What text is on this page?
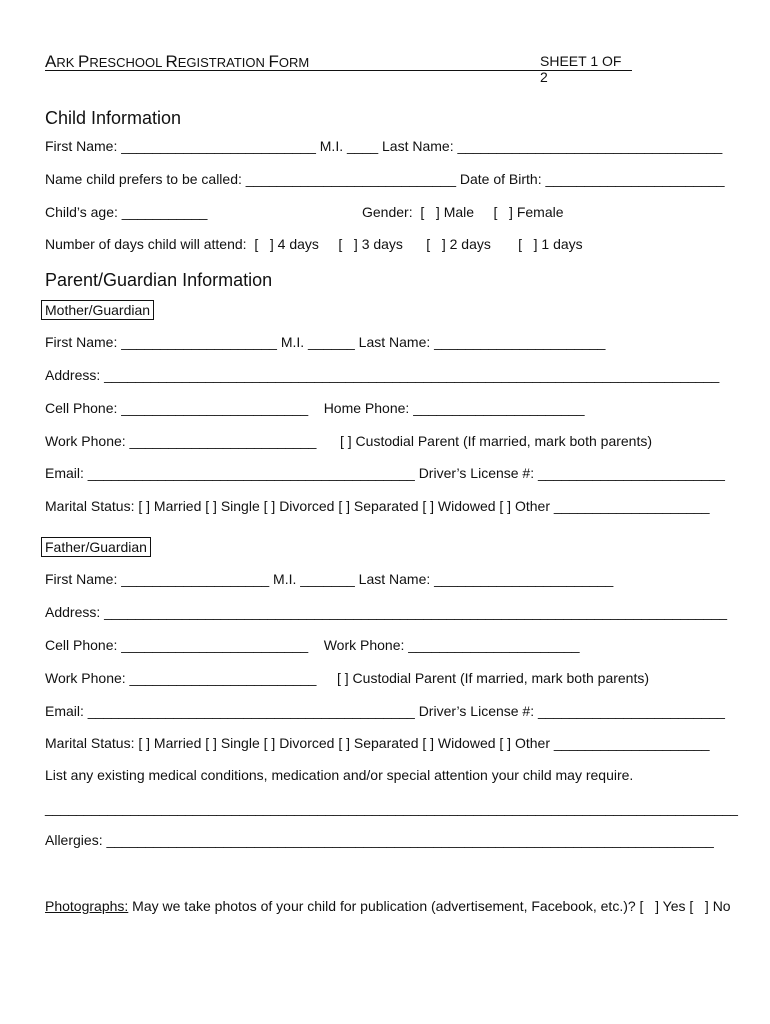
ARK PRESCHOOL REGISTRATION FORM	SHEET 1 OF 2
Child Information
First Name: _________________________ M.I. ____ Last Name: __________________________________
Name child prefers to be called: ___________________________ Date of Birth: _______________________
Child’s age: ___________	Gender:  [   ] Male     [   ] Female
Number of days child will attend:  [   ] 4 days     [   ] 3 days      [   ] 2 days       [   ] 1 days
Parent/Guardian Information
Mother/Guardian
First Name: ____________________ M.I. ______ Last Name: ______________________
Address: _______________________________________________________________________________
Cell Phone: ________________________    Home Phone: ______________________
Work Phone: ________________________ [ ] Custodial Parent (If married, mark both parents)
Email: __________________________________________ Driver’s License #: ________________________
Marital Status: [ ] Married [ ] Single [ ] Divorced [ ] Separated [ ] Widowed [ ] Other ____________________
Father/Guardian
First Name: ___________________ M.I. _______ Last Name: _______________________
Address: ________________________________________________________________________________
Cell Phone: ________________________    Work Phone: ______________________
Work Phone: ________________________ [ ] Custodial Parent (If married, mark both parents)
Email: __________________________________________ Driver’s License #: ________________________
Marital Status: [ ] Married [ ] Single [ ] Divorced [ ] Separated [ ] Widowed [ ] Other ____________________
List any existing medical conditions, medication and/or special attention your child may require.
_________________________________________________________________________________________
Allergies: ______________________________________________________________________________
Photographs: May we take photos of your child for publication (advertisement, Facebook, etc.)? [   ] Yes [   ] No
